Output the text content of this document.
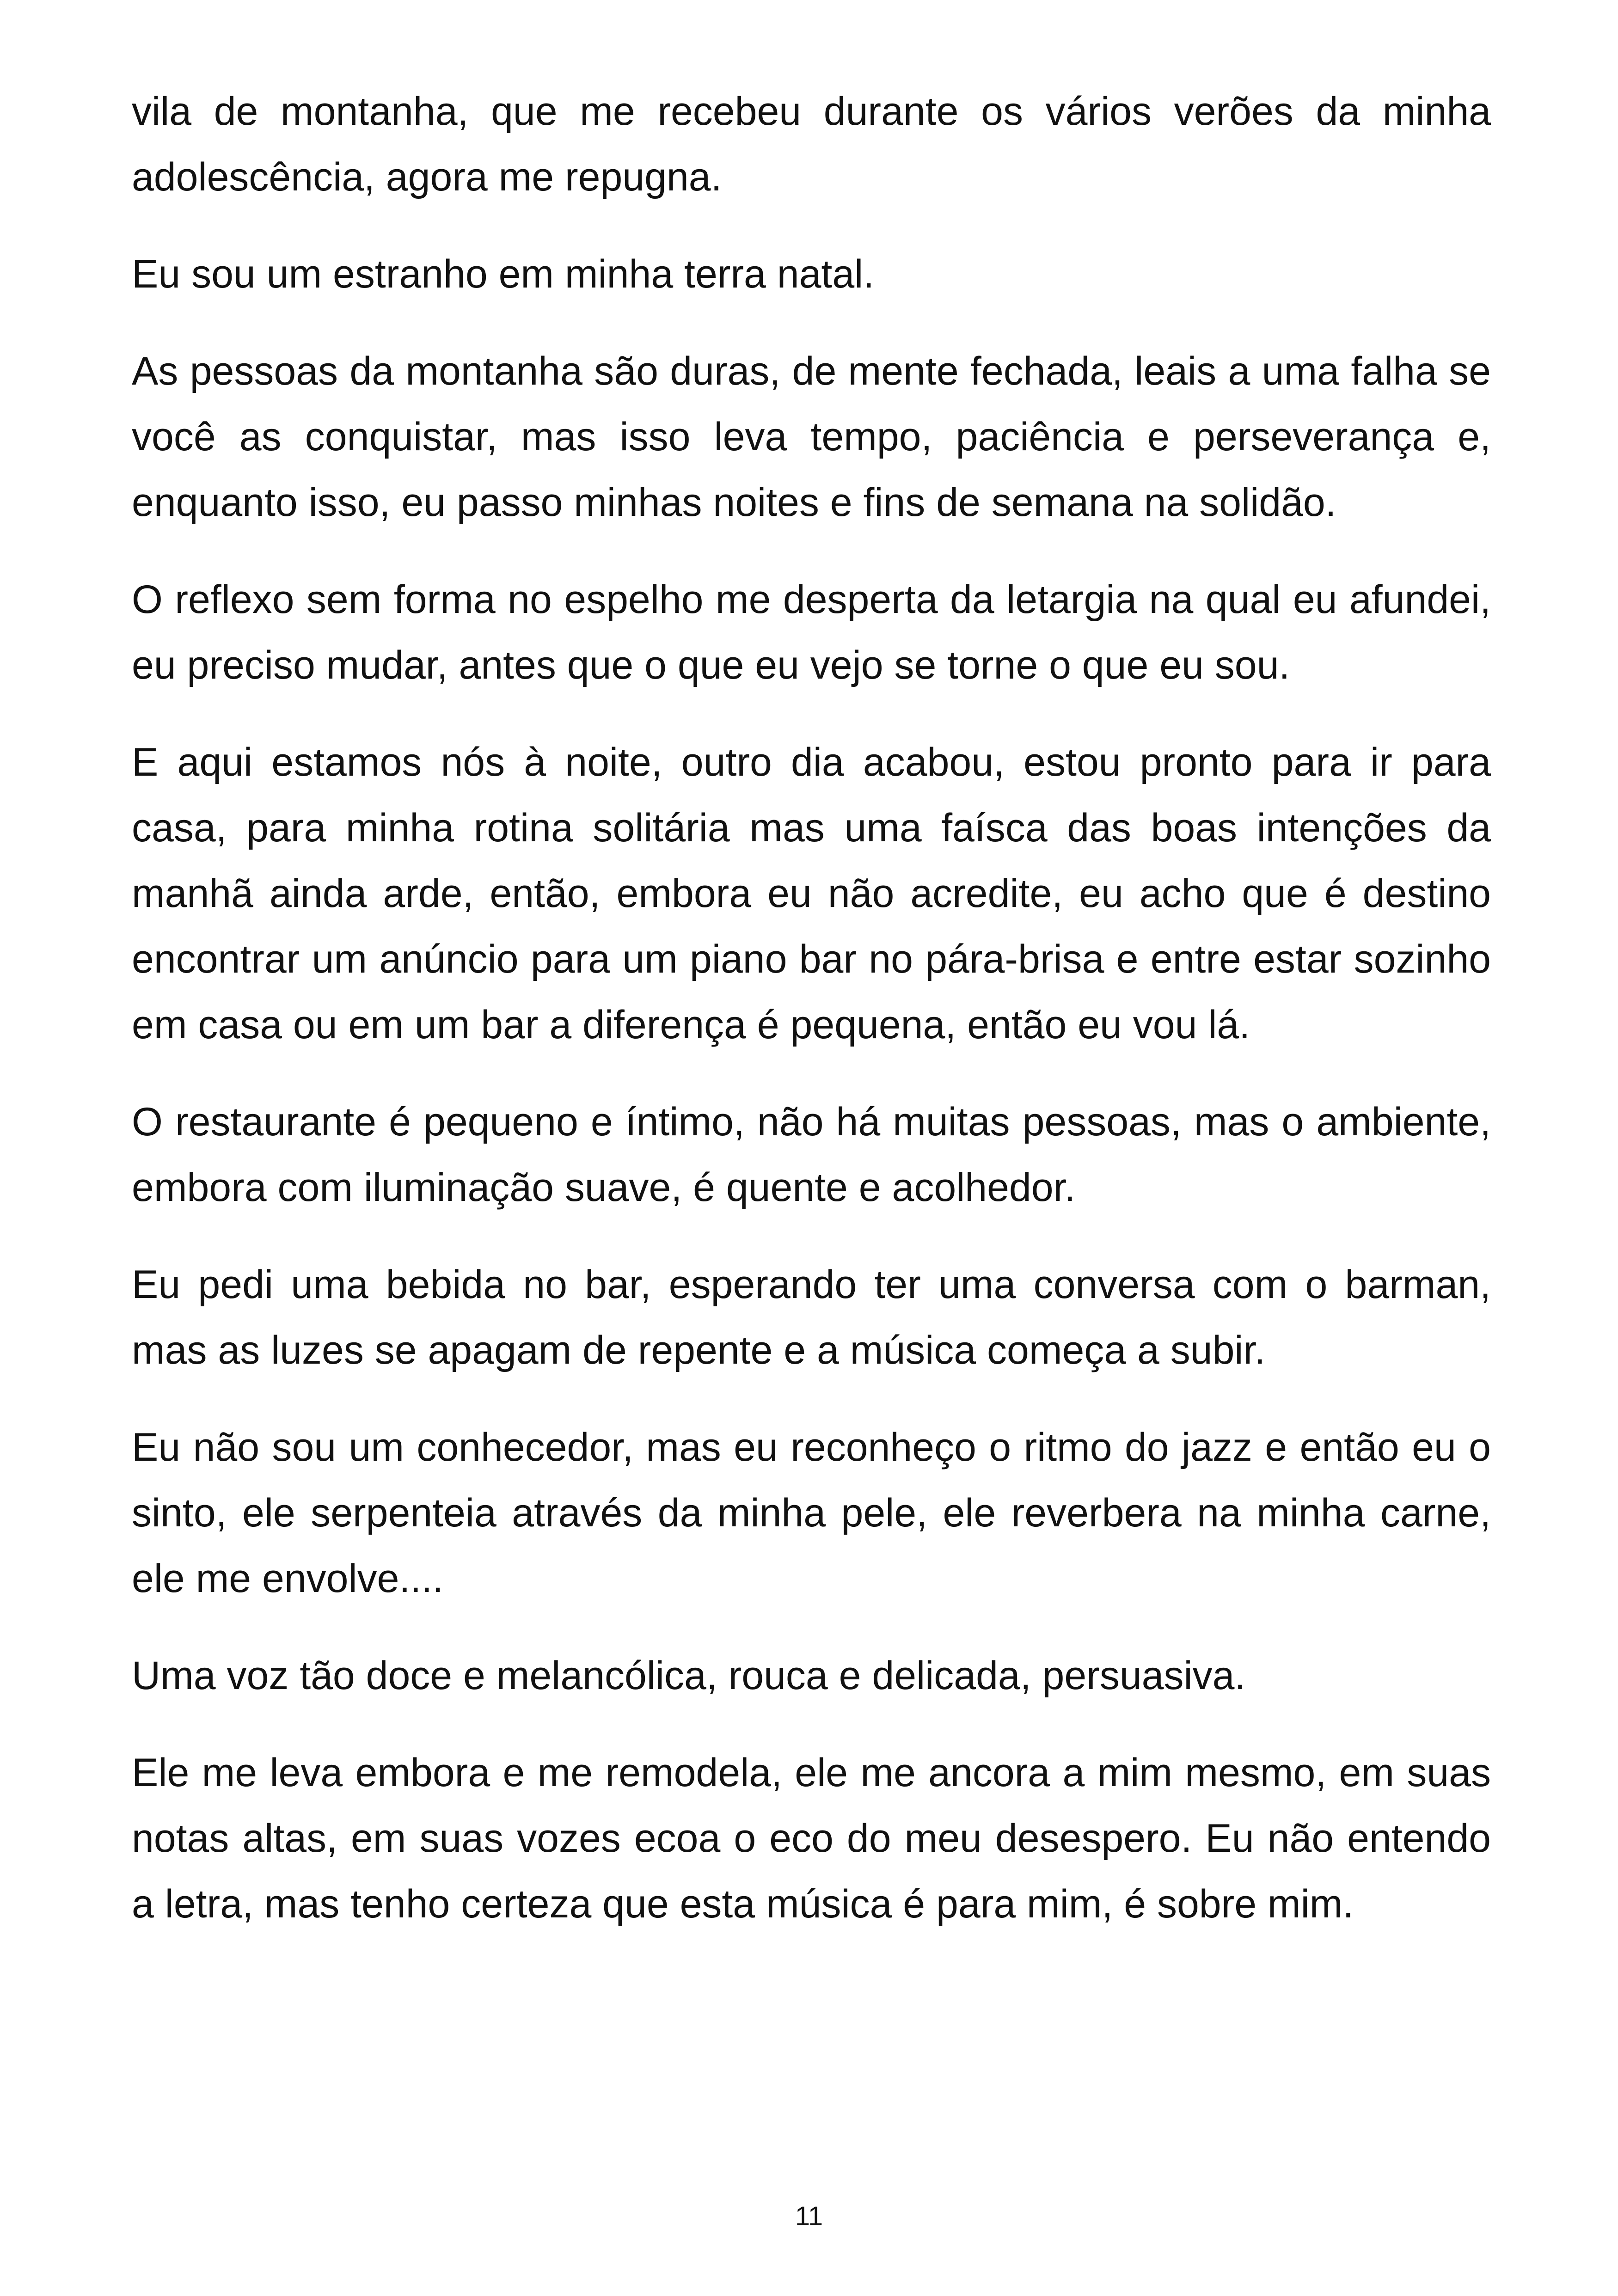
vila de montanha, que me recebeu durante os vários verões da minha adolescência, agora me repugna.

Eu sou um estranho em minha terra natal.

As pessoas da montanha são duras, de mente fechada, leais a uma falha se você as conquistar, mas isso leva tempo, paciência e perseverança e, enquanto isso, eu passo minhas noites e fins de semana na solidão.

O reflexo sem forma no espelho me desperta da letargia na qual eu afundei, eu preciso mudar, antes que o que eu vejo se torne o que eu sou.

E aqui estamos nós à noite, outro dia acabou, estou pronto para ir para casa, para minha rotina solitária mas uma faísca das boas intenções da manhã ainda arde, então, embora eu não acredite, eu acho que é destino encontrar um anúncio para um piano bar no pára-brisa e entre estar sozinho em casa ou em um bar a diferença é pequena, então eu vou lá.

O restaurante é pequeno e íntimo, não há muitas pessoas, mas o ambiente, embora com iluminação suave, é quente e acolhedor.

Eu pedi uma bebida no bar, esperando ter uma conversa com o barman, mas as luzes se apagam de repente e a música começa a subir.

Eu não sou um conhecedor, mas eu reconheço o ritmo do jazz e então eu o sinto, ele serpenteia através da minha pele, ele reverbera na minha carne, ele me envolve....

Uma voz tão doce e melancólica, rouca e delicada, persuasiva.

Ele me leva embora e me remodela, ele me ancora a mim mesmo, em suas notas altas, em suas vozes ecoa o eco do meu desespero. Eu não entendo a letra, mas tenho certeza que esta música é para mim, é sobre mim.

11
